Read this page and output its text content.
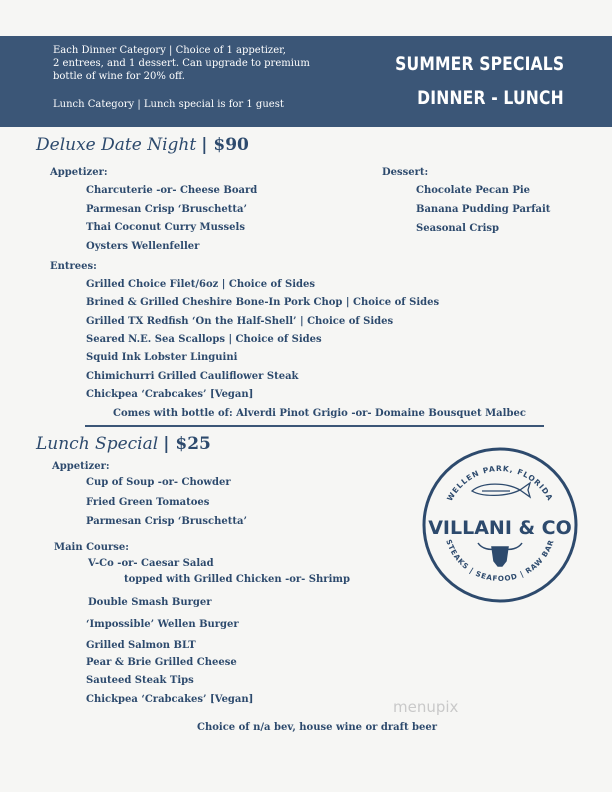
Each Dinner Category | Choice of 1 appetizer,
2 entrees, and 1 dessert. Can upgrade to premium
bottle of wine for 20% off.
Lunch Category | Lunch special is for 1 guest
SUMMER SPECIALS
DINNER - LUNCH
Deluxe Date Night | $90
Appetizer:
Charcuterie -or- Cheese Board
Parmesan Crisp ‘Bruschetta’
Thai Coconut Curry Mussels
Oysters Wellenfeller
Dessert:
Chocolate Pecan Pie
Banana Pudding Parfait
Seasonal Crisp
Entrees:
Grilled Choice Filet/6oz | Choice of Sides
Brined & Grilled Cheshire Bone-In Pork Chop | Choice of Sides
Grilled TX Redfish ‘On the Half-Shell’ | Choice of Sides
Seared N.E. Sea Scallops | Choice of Sides
Squid Ink Lobster Linguini
Chimichurri Grilled Cauliflower Steak
Chickpea ‘Crabcakes’ [Vegan]
Comes with bottle of: Alverdi Pinot Grigio -or- Domaine Bousquet Malbec
Lunch Special | $25
Appetizer:
Cup of Soup -or- Chowder
Fried Green Tomatoes
Parmesan Crisp ‘Bruschetta’
Main Course:
V-Co -or- Caesar Salad
topped with Grilled Chicken -or- Shrimp
Double Smash Burger
‘Impossible’ Wellen Burger
Grilled Salmon BLT
Pear & Brie Grilled Cheese
Sauteed Steak Tips
Chickpea ‘Crabcakes’ [Vegan]
Choice of n/a bev, house wine or draft beer
WELLEN PARK, FLORIDA
VILLANI & CO
STEAKS | SEAFOOD | RAW BAR
menupix
